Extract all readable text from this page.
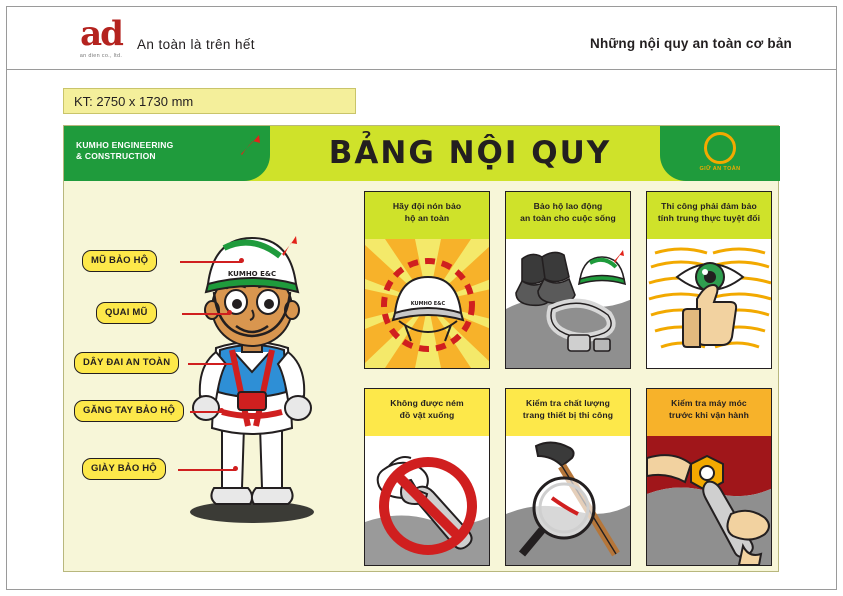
ad
an dien co., ltd.
An toàn là trên hết	Những nội quy an toàn cơ bản
KT: 2750 x 1730 mm
KUMHO ENGINEERING
& CONSTRUCTION	BẢNG NỘI QUY	GIỮ AN TOÀN
KUMHO E&C
MŨ BẢO HỘ
QUAI MŨ
DÂY ĐAI AN TOÀN
GĂNG TAY BẢO HỘ
GIÀY BẢO HỘ
Hãy đội nón bảo
hộ an toàn
KUMHO E&C
Bảo hộ lao động
an toàn cho cuộc sống
Thi công phải đảm bảo
tính trung thực tuyệt đối
Không được ném
đồ vật xuống
Kiểm tra chất lượng
trang thiết bị thi công
Kiểm tra máy móc
trước khi vận hành
